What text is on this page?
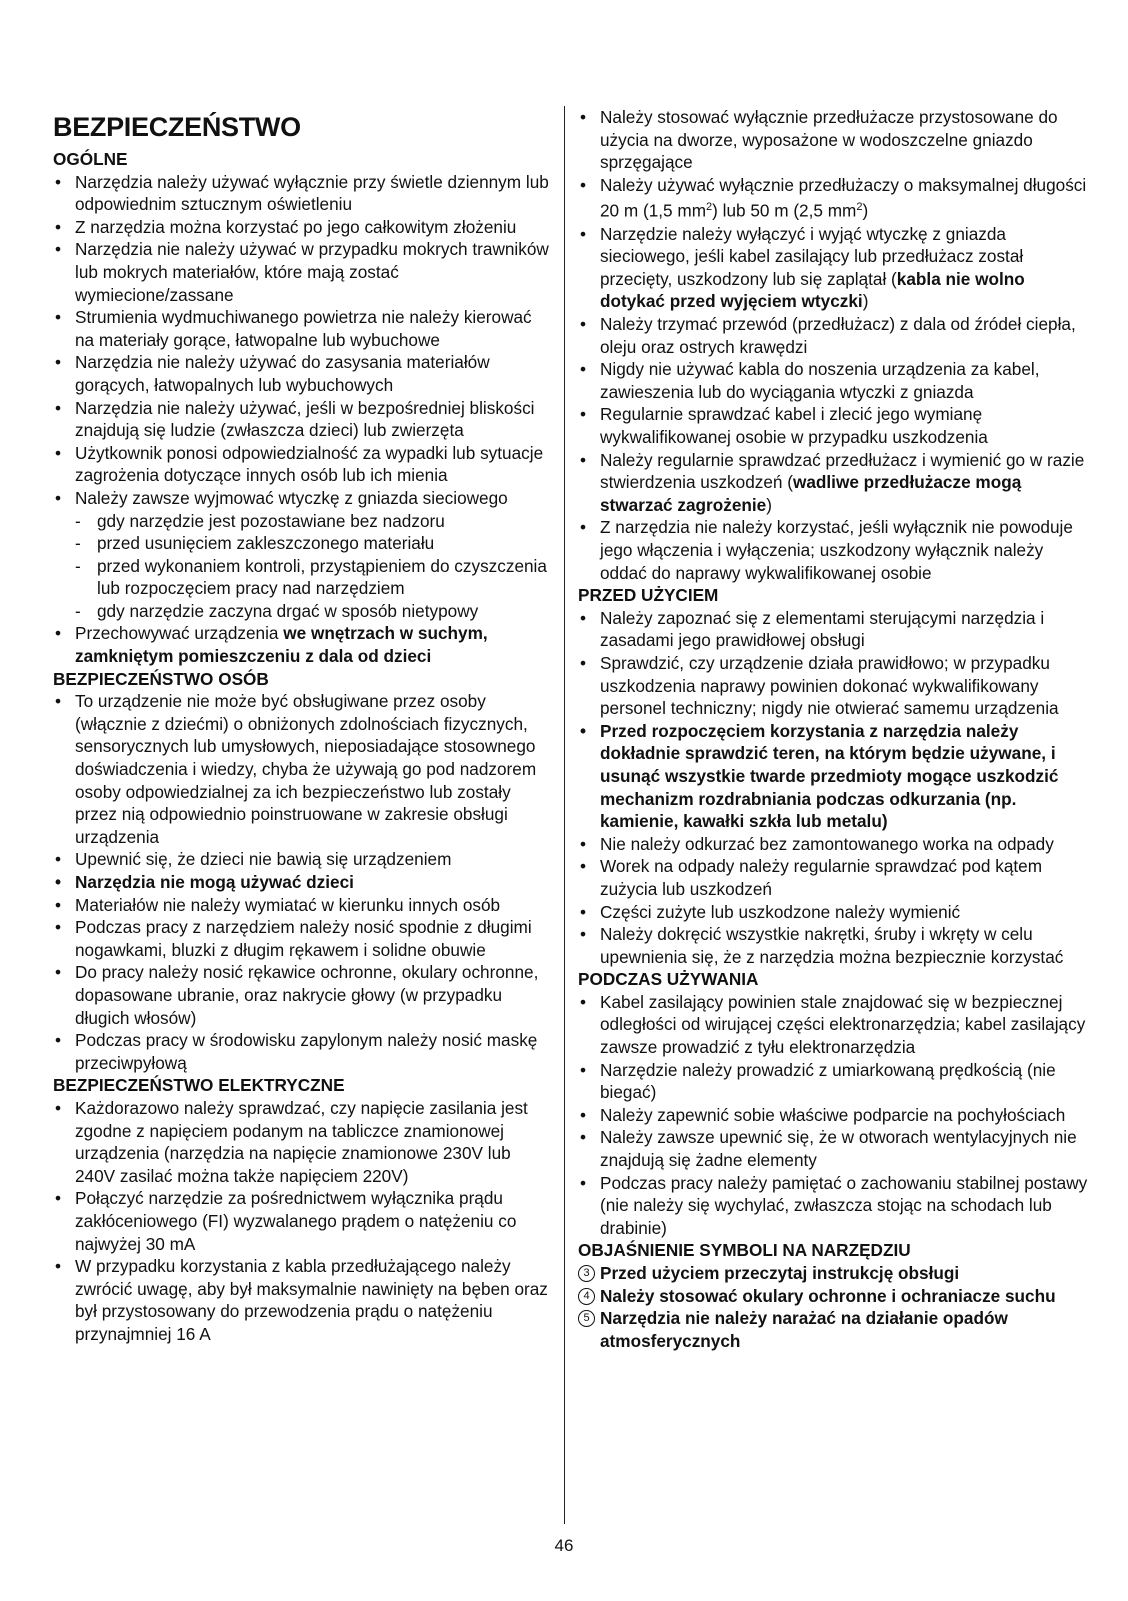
BEZPIECZEŃSTWO
OGÓLNE
• Narzędzia należy używać wyłącznie przy świetle dziennym lub odpowiednim sztucznym oświetleniu
• Z narzędzia można korzystać po jego całkowitym złożeniu
• Narzędzia nie należy używać w przypadku mokrych trawników lub mokrych materiałów, które mają zostać wymiecione/zassane
• Strumienia wydmuchiwanego powietrza nie należy kierować na materiały gorące, łatwopalne lub wybuchowe
• Narzędzia nie należy używać do zasysania materiałów gorących, łatwopalnych lub wybuchowych
• Narzędzia nie należy używać, jeśli w bezpośredniej bliskości znajdują się ludzie (zwłaszcza dzieci) lub zwierzęta
• Użytkownik ponosi odpowiedzialność za wypadki lub sytuacje zagrożenia dotyczące innych osób lub ich mienia
• Należy zawsze wyjmować wtyczkę z gniazda sieciowego
- gdy narzędzie jest pozostawiane bez nadzoru
- przed usunięciem zakleszczonego materiału
- przed wykonaniem kontroli, przystąpieniem do czyszczenia lub rozpoczęciem pracy nad narzędziem
- gdy narzędzie zaczyna drgać w sposób nietypowy
• Przechowywać urządzenia we wnętrzach w suchym, zamkniętym pomieszczeniu z dala od dzieci
BEZPIECZEŃSTWO OSÓB
• To urządzenie nie może być obsługiwane przez osoby (włącznie z dziećmi) o obniżonych zdolnościach fizycznych, sensorycznych lub umysłowych, nieposiadające stosownego doświadczenia i wiedzy, chyba że używają go pod nadzorem osoby odpowiedzialnej za ich bezpieczeństwo lub zostały przez nią odpowiednio poinstruowane w zakresie obsługi urządzenia
• Upewnić się, że dzieci nie bawią się urządzeniem
• Narzędzia nie mogą używać dzieci
• Materiałów nie należy wymiatać w kierunku innych osób
• Podczas pracy z narzędziem należy nosić spodnie z długimi nogawkami, bluzki z długim rękawem i solidne obuwie
• Do pracy należy nosić rękawice ochronne, okulary ochronne, dopasowane ubranie, oraz nakrycie głowy (w przypadku długich włosów)
• Podczas pracy w środowisku zapylonym należy nosić maskę przeciwpyłową
BEZPIECZEŃSTWO ELEKTRYCZNE
• Każdorazowo należy sprawdzać, czy napięcie zasilania jest zgodne z napięciem podanym na tabliczce znamionowej urządzenia (narzędzia na napięcie znamionowe 230V lub 240V zasilać można także napięciem 220V)
• Połączyć narzędzie za pośrednictwem wyłącznika prądu zakłóceniowego (FI) wyzwalanego prądem o natężeniu co najwyżej 30 mA
• W przypadku korzystania z kabla przedłużającego należy zwrócić uwagę, aby był maksymalnie nawinięty na bęben oraz był przystosowany do przewodzenia prądu o natężeniu przynajmniej 16 A
• Należy stosować wyłącznie przedłużacze przystosowane do użycia na dworze, wyposażone w wodoszczelne gniazdo sprzęgające
• Należy używać wyłącznie przedłużaczy o maksymalnej długości 20 m (1,5 $mm^2$) lub 50 m (2,5 $mm^2$)
• Narzędzie należy wyłączyć i wyjąć wtyczkę z gniazda sieciowego, jeśli kabel zasilający lub przedłużacz został przecięty, uszkodzony lub się zaplątał (kabla nie wolno dotykać przed wyjęciem wtyczki)
• Należy trzymać przewód (przedłużacz) z dala od źródeł ciepła, oleju oraz ostrych krawędzi
• Nigdy nie używać kabla do noszenia urządzenia za kabel, zawieszenia lub do wyciągania wtyczki z gniazda
• Regularnie sprawdzać kabel i zlecić jego wymianę wykwalifikowanej osobie w przypadku uszkodzenia
• Należy regularnie sprawdzać przedłużacz i wymienić go w razie stwierdzenia uszkodzeń (wadliwe przedłużacze mogą stwarzać zagrożenie)
• Z narzędzia nie należy korzystać, jeśli wyłącznik nie powoduje jego włączenia i wyłączenia; uszkodzony wyłącznik należy oddać do naprawy wykwalifikowanej osobie
PRZED UŻYCIEM
• Należy zapoznać się z elementami sterującymi narzędzia i zasadami jego prawidłowej obsługi
• Sprawdzić, czy urządzenie działa prawidłowo; w przypadku uszkodzenia naprawy powinien dokonać wykwalifikowany personel techniczny; nigdy nie otwierać samemu urządzenia
• Przed rozpoczęciem korzystania z narzędzia należy dokładnie sprawdzić teren, na którym będzie używane, i usunąć wszystkie twarde przedmioty mogące uszkodzić mechanizm rozdrabniania podczas odkurzania (np. kamienie, kawałki szkła lub metalu)
• Nie należy odkurzać bez zamontowanego worka na odpady
• Worek na odpady należy regularnie sprawdzać pod kątem zużycia lub uszkodzeń
• Części zużyte lub uszkodzone należy wymienić
• Należy dokręcić wszystkie nakrętki, śruby i wkręty w celu upewnienia się, że z narzędzia można bezpiecznie korzystać
PODCZAS UŻYWANIA
• Kabel zasilający powinien stale znajdować się w bezpiecznej odległości od wirującej części elektronarzędzia; kabel zasilający zawsze prowadzić z tyłu elektronarzędzia
• Narzędzie należy prowadzić z umiarkowaną prędkością (nie biegać)
• Należy zapewnić sobie właściwe podparcie na pochyłościach
• Należy zawsze upewnić się, że w otworach wentylacyjnych nie znajdują się żadne elementy
• Podczas pracy należy pamiętać o zachowaniu stabilnej postawy (nie należy się wychylać, zwłaszcza stojąc na schodach lub drabinie)
OBJAŚNIENIE SYMBOLI NA NARZĘDZIU
3 Przed użyciem przeczytaj instrukcję obsługi
4 Należy stosować okulary ochronne i ochraniacze suchu
5 Narzędzia nie należy narażać na działanie opadów atmosferycznych
46
